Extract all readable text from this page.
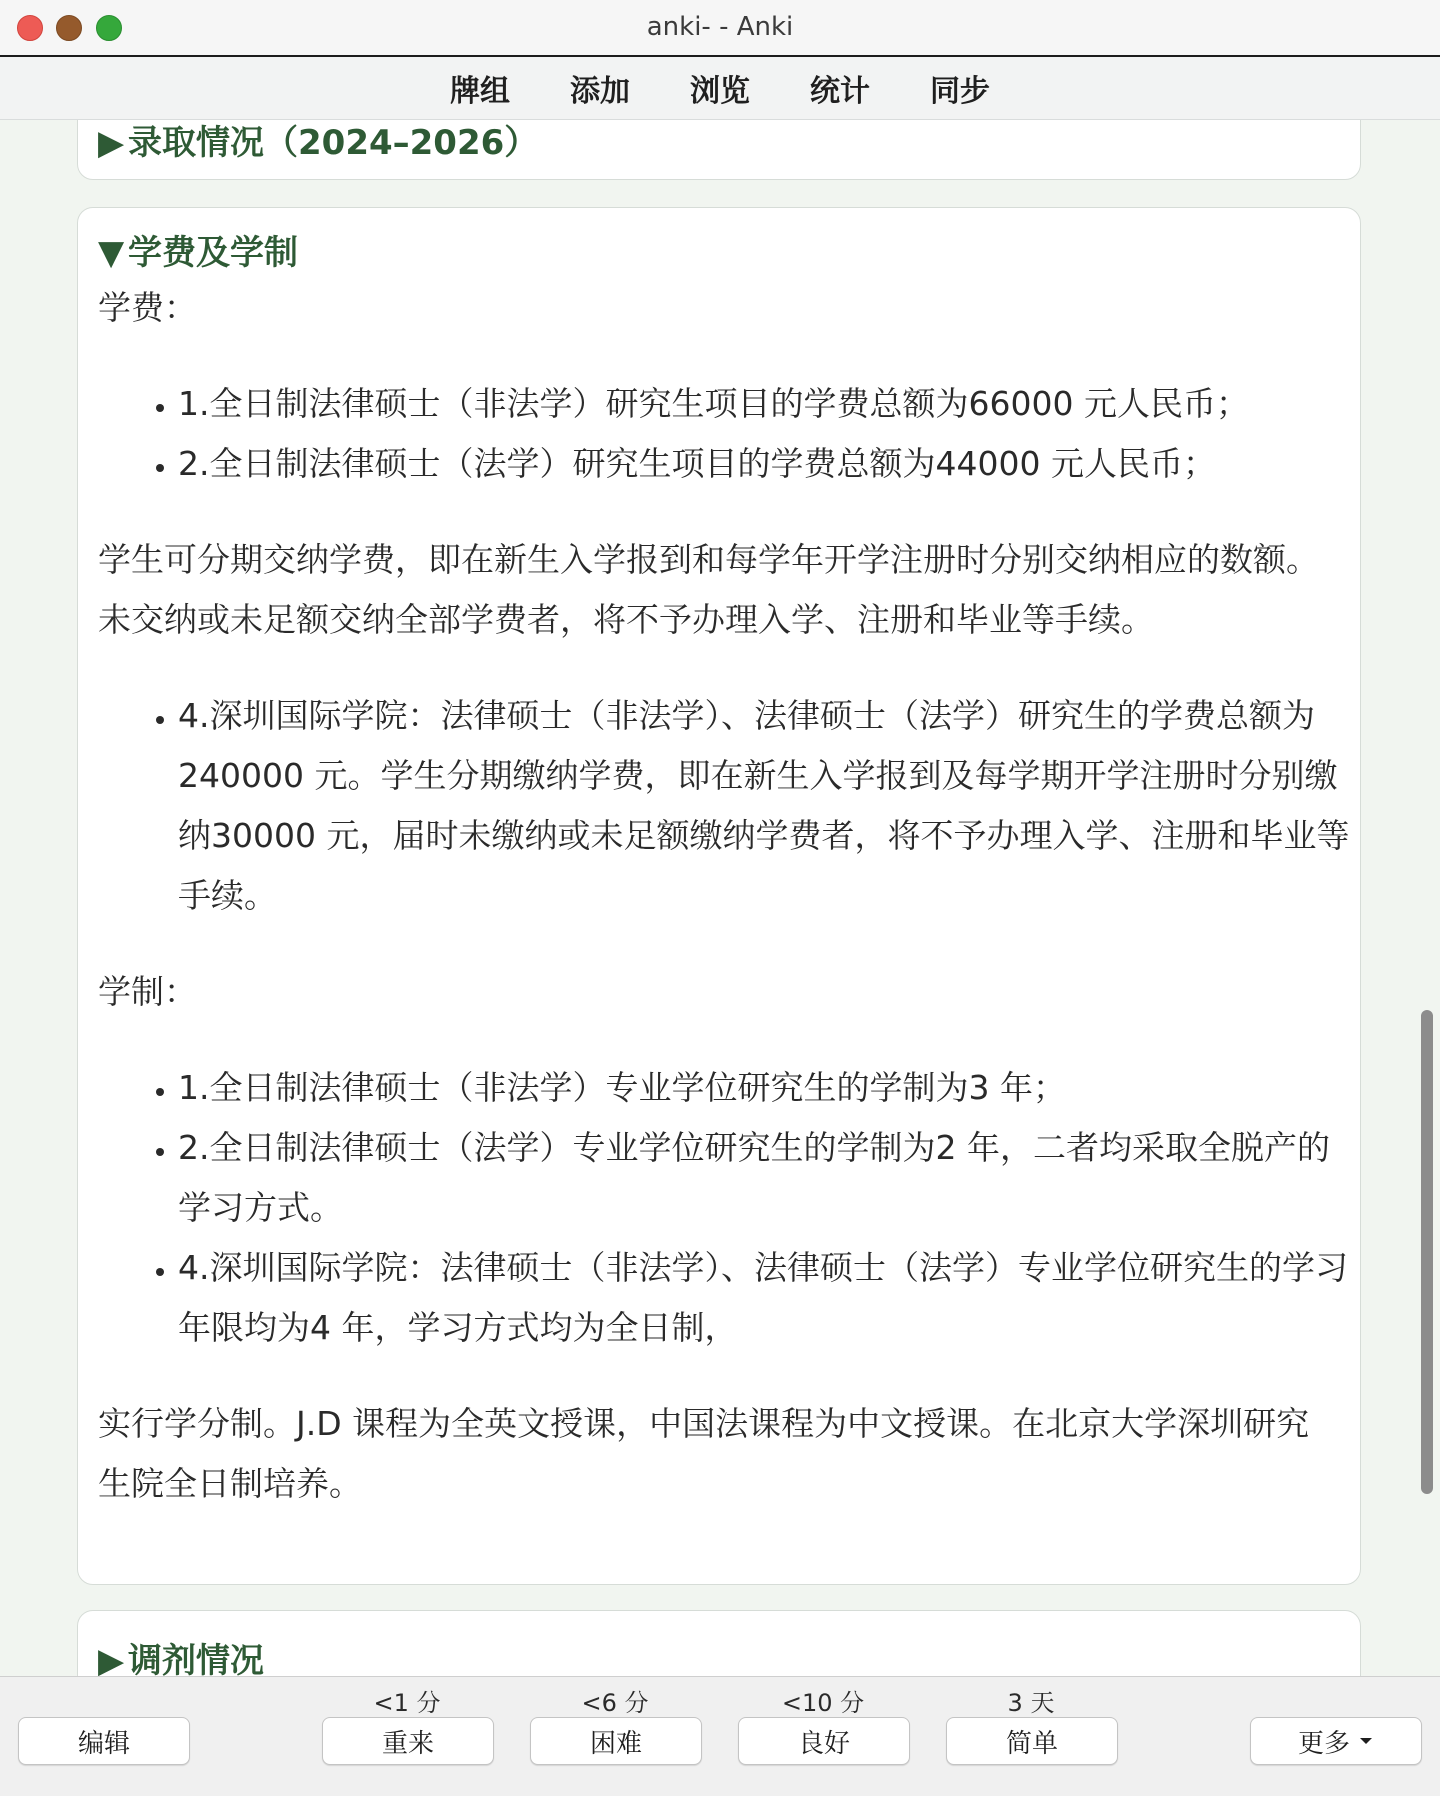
anki- - Anki
牌组 添加 浏览 统计 同步
▶ 录取情况（2024–2026）
▼ 学费及学制
学费：
• 1.全日制法律硕士（非法学）研究生项目的学费总额为66000 元人民币；
• 2.全日制法律硕士（法学）研究生项目的学费总额为44000 元人民币；
学生可分期交纳学费，即在新生入学报到和每学年开学注册时分别交纳相应的数额。未交纳或未足额交纳全部学费者，将不予办理入学、注册和毕业等手续。
• 4.深圳国际学院：法律硕士（非法学）、法律硕士（法学）研究生的学费总额为240000 元。学生分期缴纳学费，即在新生入学报到及每学期开学注册时分别缴纳30000 元，届时未缴纳或未足额缴纳学费者，将不予办理入学、注册和毕业等手续。
学制：
• 1.全日制法律硕士（非法学）专业学位研究生的学制为3 年；
• 2.全日制法律硕士（法学）专业学位研究生的学制为2 年，二者均采取全脱产的学习方式。
• 4.深圳国际学院：法律硕士（非法学）、法律硕士（法学）专业学位研究生的学习年限均为4 年，学习方式均为全日制，
实行学分制。J.D 课程为全英文授课，中国法课程为中文授课。在北京大学深圳研究生院全日制培养。
▶ 调剂情况
编辑
<1 分
重来
<6 分
困难
<10 分
良好
3 天
简单	更多
